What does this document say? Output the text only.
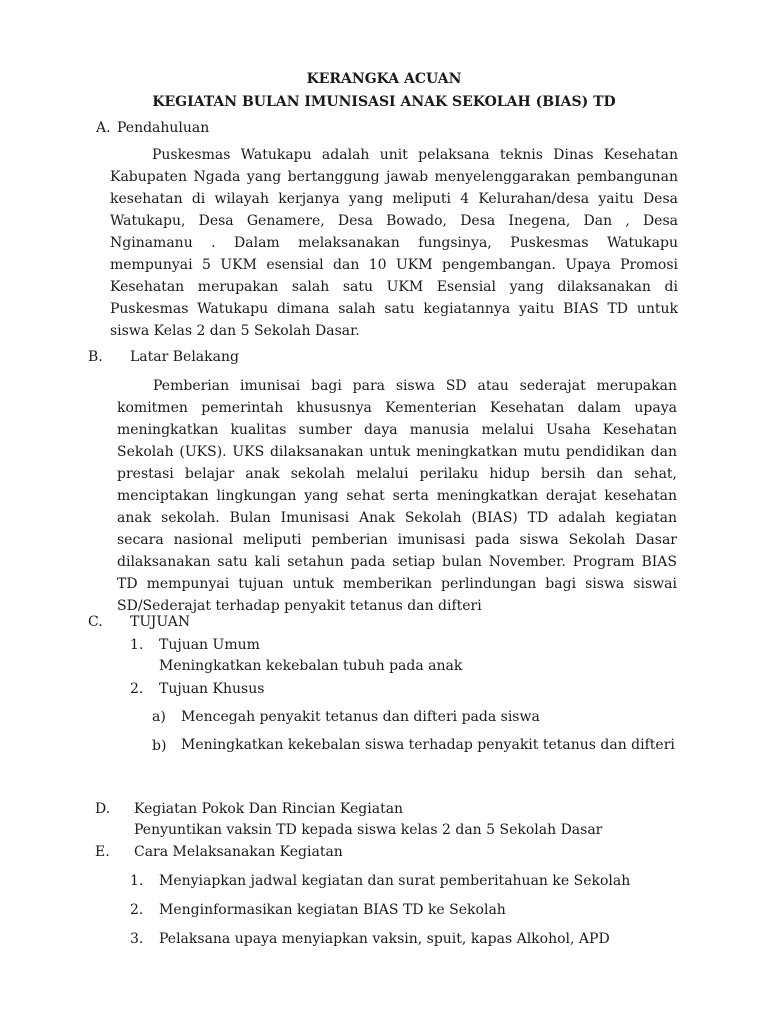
KERANGKA ACUAN
KEGIATAN BULAN IMUNISASI ANAK SEKOLAH (BIAS) TD
A. Pendahuluan

Puskesmas Watukapu adalah unit pelaksana teknis Dinas Kesehatan Kabupaten Ngada yang bertanggung jawab menyelenggarakan pembangunan kesehatan di wilayah kerjanya yang meliputi 4 Kelurahan/desa yaitu Desa Watukapu, Desa Genamere, Desa Bowado, Desa Inegena, Dan , Desa Nginamanu . Dalam melaksanakan fungsinya, Puskesmas Watukapu mempunyai 5 UKM esensial dan 10 UKM pengembangan. Upaya Promosi Kesehatan merupakan salah satu UKM Esensial yang dilaksanakan di Puskesmas Watukapu dimana salah satu kegiatannya yaitu BIAS TD untuk siswa Kelas 2 dan 5 Sekolah Dasar.

B. Latar Belakang

Pemberian imunisai bagi para siswa SD atau sederajat merupakan komitmen pemerintah khususnya Kementerian Kesehatan dalam upaya meningkatkan kualitas sumber daya manusia melalui Usaha Kesehatan Sekolah (UKS). UKS dilaksanakan untuk meningkatkan mutu pendidikan dan prestasi belajar anak sekolah melalui perilaku hidup bersih dan sehat, menciptakan lingkungan yang sehat serta meningkatkan derajat kesehatan anak sekolah. Bulan Imunisasi Anak Sekolah (BIAS) TD adalah kegiatan secara nasional meliputi pemberian imunisasi pada siswa Sekolah Dasar dilaksanakan satu kali setahun pada setiap bulan November. Program BIAS TD mempunyai tujuan untuk memberikan perlindungan bagi siswa siswai SD/Sederajat terhadap penyakit tetanus dan difteri

C. TUJUAN
1. Tujuan Umum
Meningkatkan kekebalan tubuh pada anak
2. Tujuan Khusus
a) Mencegah penyakit tetanus dan difteri pada siswa
b) Meningkatkan kekebalan siswa terhadap penyakit tetanus dan difteri

D. Kegiatan Pokok Dan Rincian Kegiatan
Penyuntikan vaksin TD kepada siswa kelas 2 dan 5 Sekolah Dasar
E. Cara Melaksanakan Kegiatan
1. Menyiapkan jadwal kegiatan dan surat pemberitahuan ke Sekolah
2. Menginformasikan kegiatan BIAS TD ke Sekolah
3. Pelaksana upaya menyiapkan vaksin, spuit, kapas Alkohol, APD
